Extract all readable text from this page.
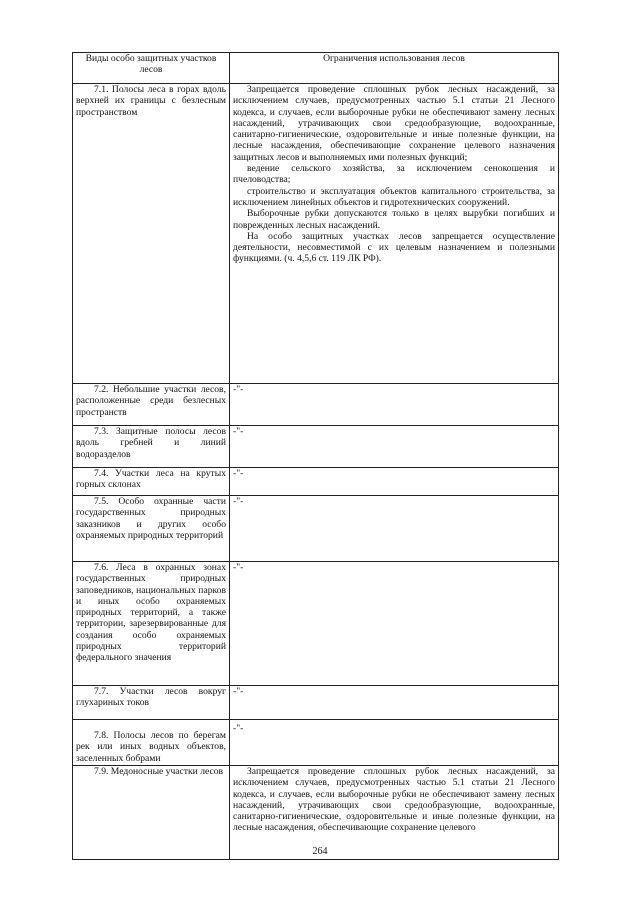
Виды особо защитных участков лесов	Ограничения использования лесов
7.1. Полосы леса в горах вдоль верхней их границы с безлесным пространством	Запрещается проведение сплошных рубок лесных насаждений, за исключением случаев, предусмотренных частью 5.1 статьи 21 Лесного кодекса, и случаев, если выборочные рубки не обеспечивают замену лесных насаждений, утрачивающих свои средообразующие, водоохранные, санитарно-гигиенические, оздоровительные и иные полезные функции, на лесные насаждения, обеспечивающие сохранение целевого назначения защитных лесов и выполняемых ими полезных функций;

ведение сельского хозяйства, за исключением сенокошения и пчеловодства;

строительство и эксплуатация объектов капитального строительства, за исключением линейных объектов и гидротехнических сооружений.

Выборочные рубки допускаются только в целях вырубки погибших и поврежденных лесных насаждений.

На особо защитных участках лесов запрещается осуществление деятельности, несовместимой с их целевым назначением и полезными функциями. (ч. 4,5,6 ст. 119 ЛК РФ).

7.2. Небольшие участки лесов, расположенные среди безлесных пространств	-"-
7.3. Защитные полосы лесов вдоль гребней и линий водоразделов	-"-
7.4. Участки леса на крутых горных склонах	-"-
7.5. Особо охранные части государственных природных заказников и других особо охраняемых природных территорий	-"-
7.6. Леса в охранных зонах государственных природных заповедников, национальных парков и иных особо охраняемых природных территорий, а также территории, зарезервированные для создания особо охраняемых природных территорий федерального значения	-"-
7.7. Участки лесов вокруг глухариных токов	-"-
7.8. Полосы лесов по берегам рек или иных водных объектов, заселенных бобрами	-"-
7.9. Медоносные участки лесов	Запрещается проведение сплошных рубок лесных насаждений, за исключением случаев, предусмотренных частью 5.1 статьи 21 Лесного кодекса, и случаев, если выборочные рубки не обеспечивают замену лесных насаждений, утрачивающих свои средообразующие, водоохранные, санитарно-гигиенические, оздоровительные и иные полезные функции, на лесные насаждения, обеспечивающие сохранение целевого

264
